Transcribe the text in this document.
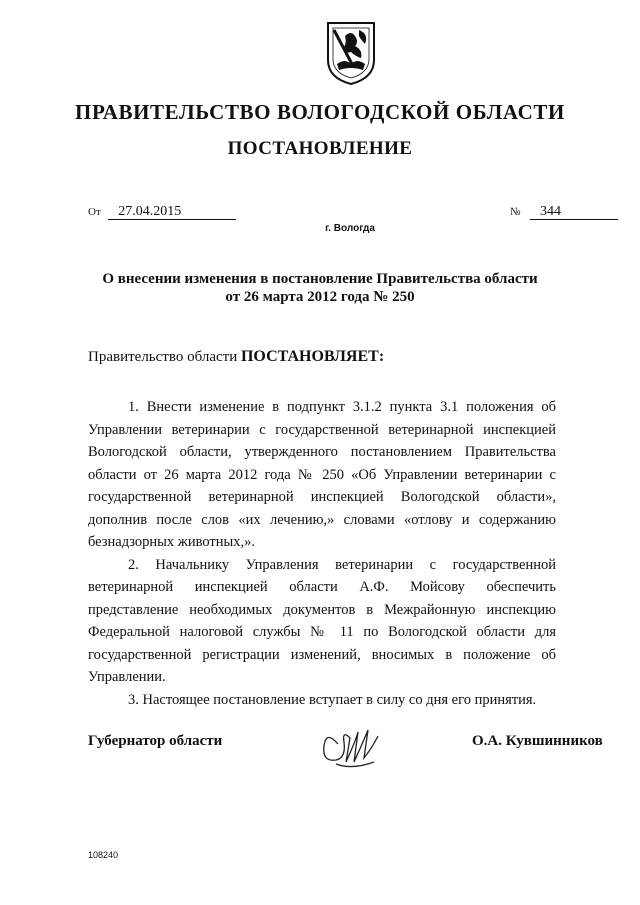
ПРАВИТЕЛЬСТВО ВОЛОГОДСКОЙ ОБЛАСТИ
ПОСТАНОВЛЕНИЕ
От 27.04.2015	№ 344
г. Вологда
О внесении изменения в постановление Правительства области
от 26 марта 2012 года № 250
Правительство области ПОСТАНОВЛЯЕТ:

1. Внести изменение в подпункт 3.1.2 пункта 3.1 положения об Управлении ветеринарии с государственной ветеринарной инспекцией Вологодской области, утвержденного постановлением Правительства области от 26 марта 2012 года № 250 «Об Управлении ветеринарии с государственной ветеринарной инспекцией Вологодской области», дополнив после слов «их лечению,» словами «отлову и содержанию безнадзорных животных,».

2. Начальнику Управления ветеринарии с государственной ветеринарной инспекцией области А.Ф. Мойсову обеспечить представление необходимых документов в Межрайонную инспекцию Федеральной налоговой службы № 11 по Вологодской области для государственной регистрации изменений, вносимых в положение об Управлении.

3. Настоящее постановление вступает в силу со дня его принятия.

Губернатор области	О.А. Кувшинников
108240
